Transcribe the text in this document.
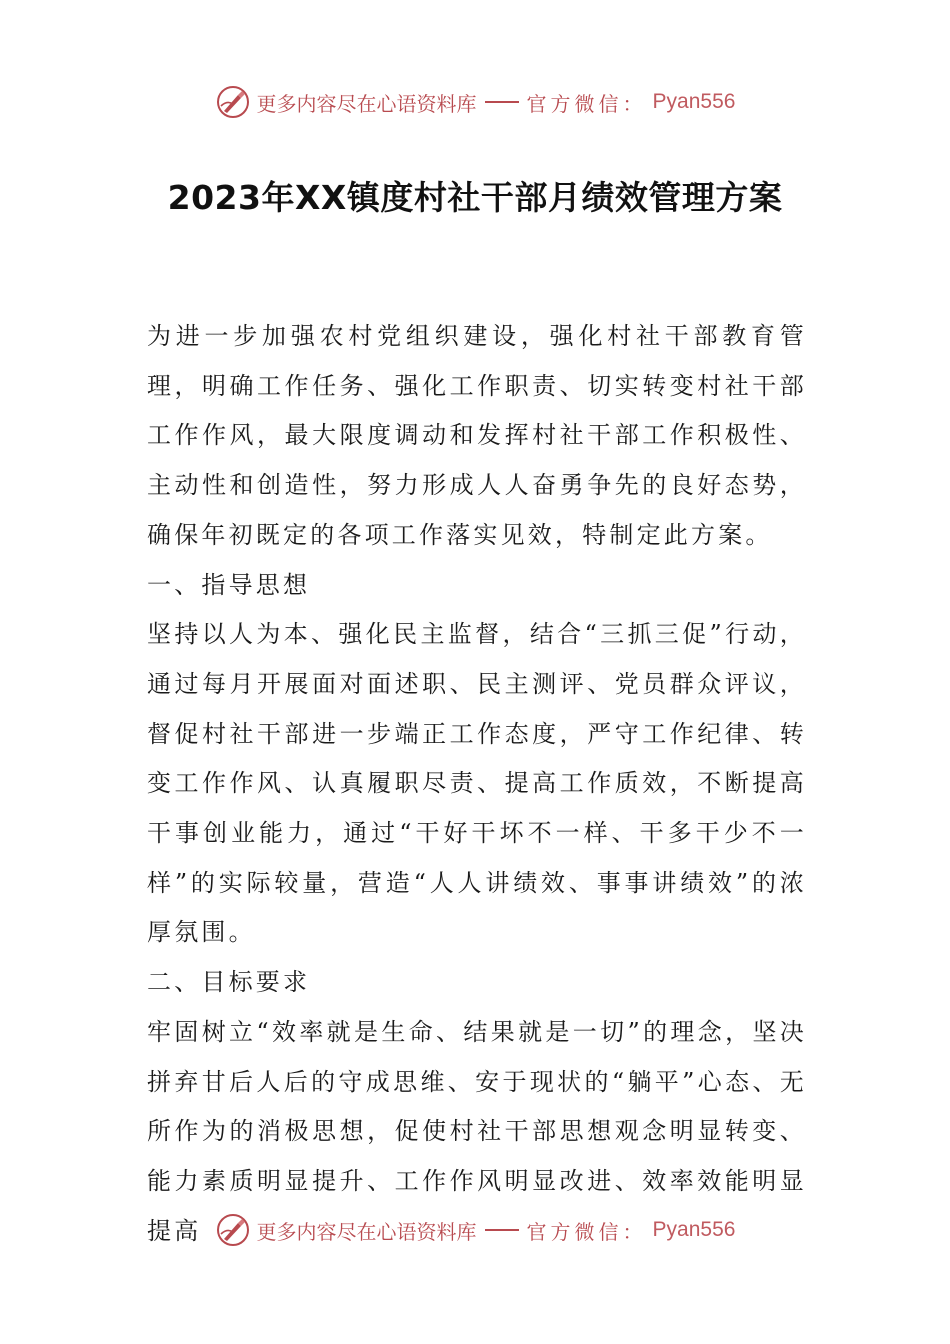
更多内容尽在心语资料库	官方微信： Pyan556
2023年XX镇度村社干部月绩效管理方案

为进一步加强农村党组织建设，强化村社干部教育管理，明确工作任务、强化工作职责、切实转变村社干部工作作风，最大限度调动和发挥村社干部工作积极性、主动性和创造性，努力形成人人奋勇争先的良好态势，确保年初既定的各项工作落实见效，特制定此方案。

一、指导思想

坚持以人为本、强化民主监督，结合“三抓三促”行动，通过每月开展面对面述职、民主测评、党员群众评议，督促村社干部进一步端正工作态度，严守工作纪律、转变工作作风、认真履职尽责、提高工作质效，不断提高干事创业能力，通过“干好干坏不一样、干多干少不一样”的实际较量，营造“人人讲绩效、事事讲绩效”的浓厚氛围。

二、目标要求

牢固树立“效率就是生命、结果就是一切”的理念，坚决拼弃甘后人后的守成思维、安于现状的“躺平”心态、无所作为的消极思想，促使村社干部思想观念明显转变、能力素质明显提升、工作作风明显改进、效率效能明显提高	更多内容尽在心语资料库	官方微信： Pyan556
